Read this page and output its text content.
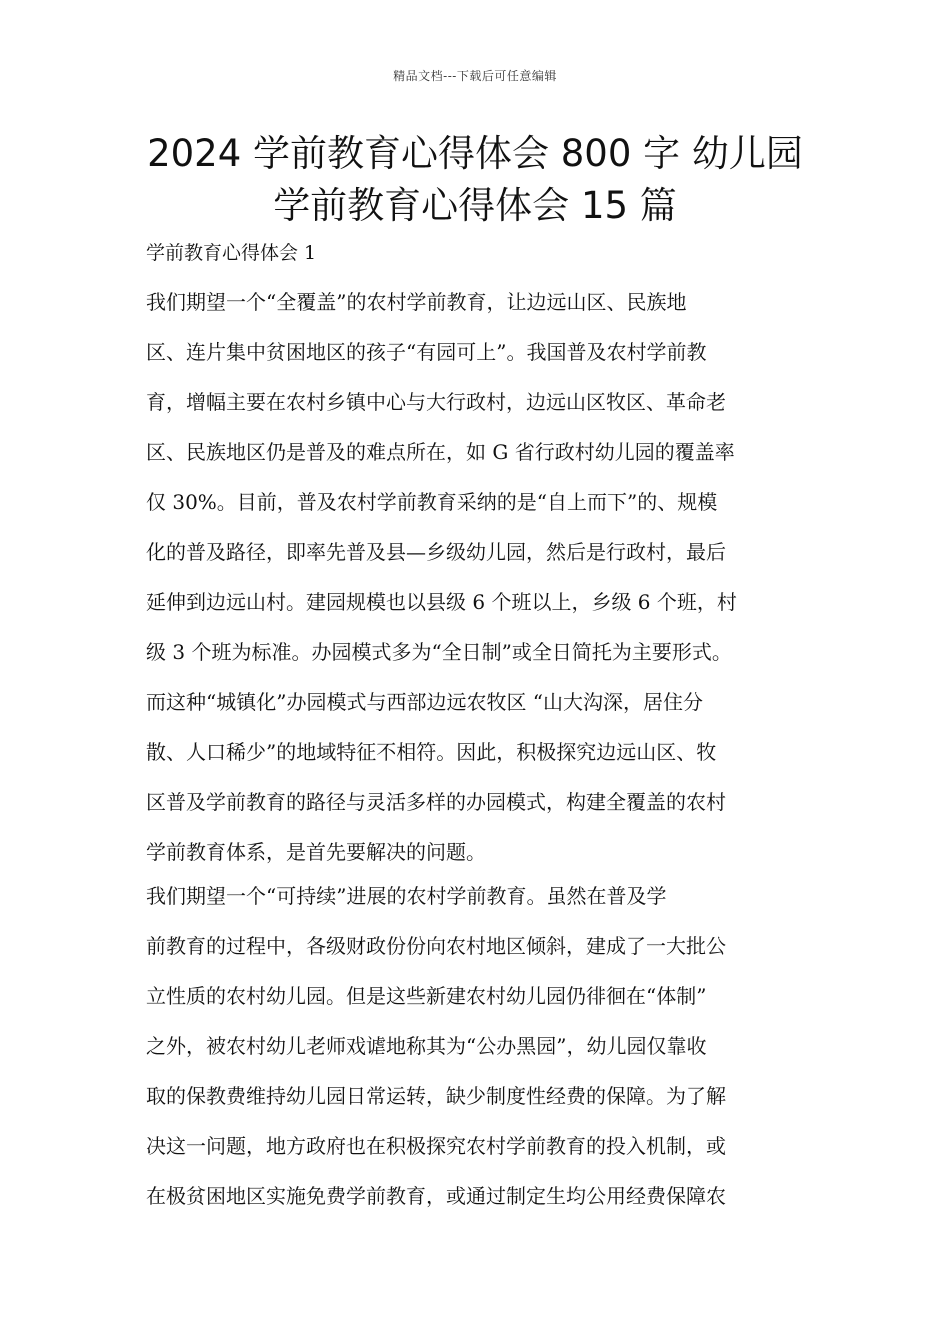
精品文档---下载后可任意编辑
2024 学前教育心得体会 800 字 幼儿园
学前教育心得体会 15 篇
学前教育心得体会 1
我们期望一个“全覆盖”的农村学前教育，让边远山区、民族地
区、连片集中贫困地区的孩子“有园可上”。我国普及农村学前教
育，增幅主要在农村乡镇中心与大行政村，边远山区牧区、革命老
区、民族地区仍是普及的难点所在，如 G 省行政村幼儿园的覆盖率
仅 30%。目前，普及农村学前教育采纳的是“自上而下”的、规模
化的普及路径，即率先普及县—乡级幼儿园，然后是行政村，最后
延伸到边远山村。建园规模也以县级 6 个班以上，乡级 6 个班，村
级 3 个班为标准。办园模式多为“全日制”或全日简托为主要形式。
而这种“城镇化”办园模式与西部边远农牧区 “山大沟深，居住分
散、人口稀少”的地域特征不相符。因此，积极探究边远山区、牧
区普及学前教育的路径与灵活多样的办园模式，构建全覆盖的农村
学前教育体系，是首先要解决的问题。
我们期望一个“可持续”进展的农村学前教育。虽然在普及学
前教育的过程中，各级财政份份向农村地区倾斜，建成了一大批公
立性质的农村幼儿园。但是这些新建农村幼儿园仍徘徊在“体制”
之外，被农村幼儿老师戏谑地称其为“公办黑园”，幼儿园仅靠收
取的保教费维持幼儿园日常运转，缺少制度性经费的保障。为了解
决这一问题，地方政府也在积极探究农村学前教育的投入机制，或
在极贫困地区实施免费学前教育，或通过制定生均公用经费保障农
